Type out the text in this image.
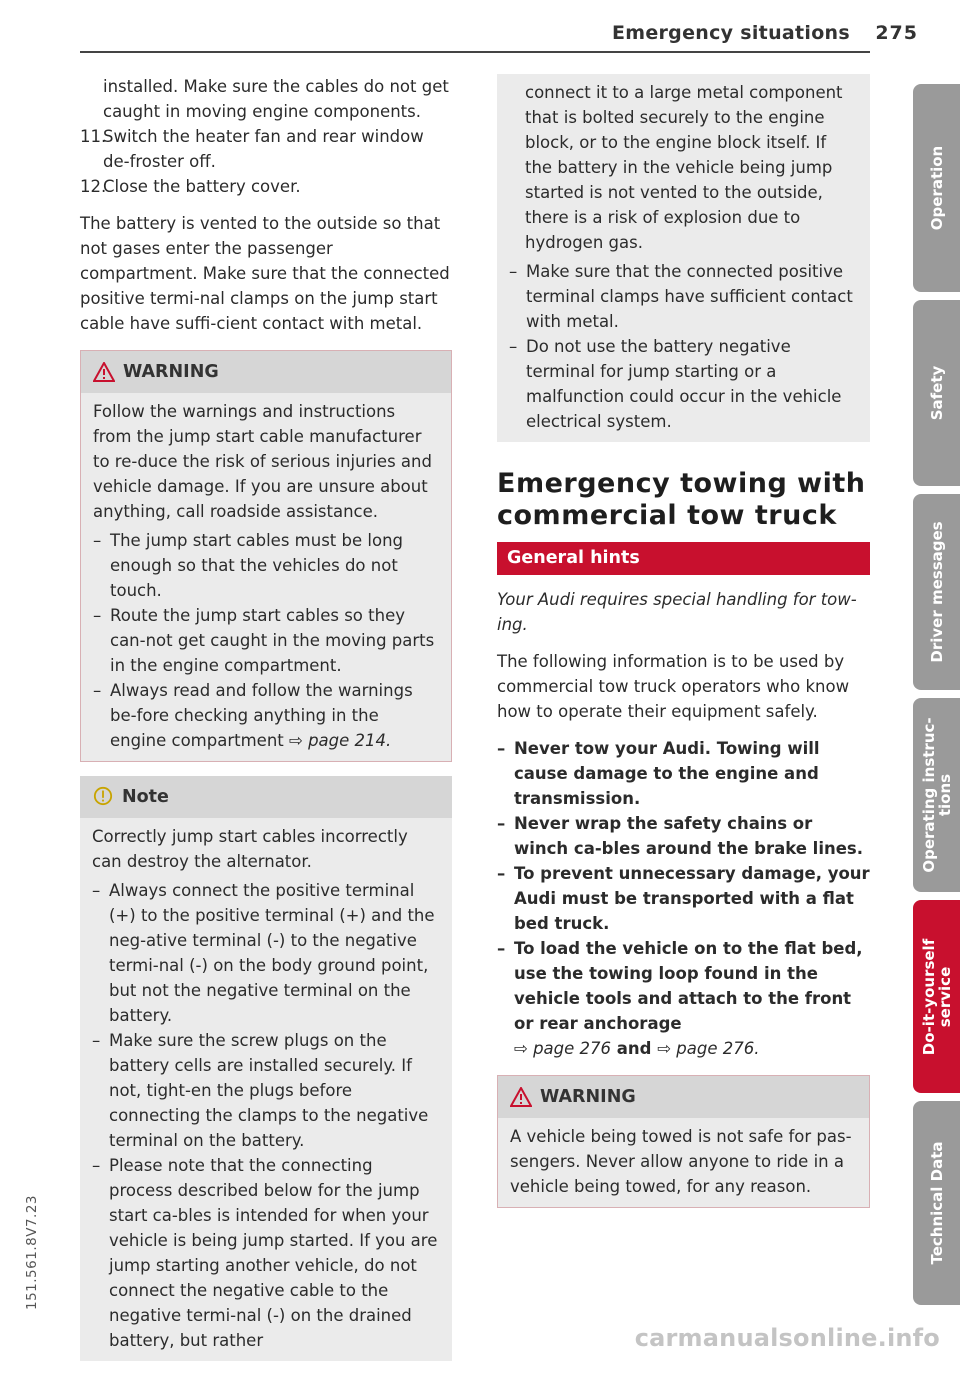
Emergency situations 275

installed. Make sure the cables do not get caught in moving engine components.

11.
Switch the heater fan and rear window de-froster off.
12.
Close the battery cover.

The battery is vented to the outside so that not gases enter the passenger compartment. Make sure that the connected positive termi-nal clamps on the jump start cable have suffi-cient contact with metal.

WARNING

Follow the warnings and instructions from the jump start cable manufacturer to re-duce the risk of serious injuries and vehicle damage. If you are unsure about anything, call roadside assistance.

– The jump start cables must be long enough so that the vehicles do not touch.
– Route the jump start cables so they can-not get caught in the moving parts in the engine compartment.
– Always read and follow the warnings be-fore checking anything in the engine compartment ⇨ page 214.
Note

Correctly jump start cables incorrectly can destroy the alternator.

– Always connect the positive terminal (+) to the positive terminal (+) and the neg-ative terminal (-) to the negative termi-nal (-) on the body ground point, but not the negative terminal on the battery.
– Make sure the screw plugs on the battery cells are installed securely. If not, tight-en the plugs before connecting the clamps to the negative terminal on the battery.
– Please note that the connecting process described below for the jump start ca-bles is intended for when your vehicle is being jump started. If you are jump starting another vehicle, do not connect the negative cable to the negative termi-nal (-) on the drained battery, but rather

connect it to a large metal component that is bolted securely to the engine block, or to the engine block itself. If the battery in the vehicle being jump started is not vented to the outside, there is a risk of explosion due to hydrogen gas.

– Make sure that the connected positive terminal clamps have sufficient contact with metal.
– Do not use the battery negative terminal for jump starting or a malfunction could occur in the vehicle electrical system.
Emergency towing with commercial tow truck
General hints

Your Audi requires special handling for tow-ing.

The following information is to be used by commercial tow truck operators who know how to operate their equipment safely.

– Never tow your Audi. Towing will cause damage to the engine and transmission.
– Never wrap the safety chains or winch ca-bles around the brake lines.
– To prevent unnecessary damage, your Audi must be transported with a flat bed truck.
– To load the vehicle on to the flat bed, use the towing loop found in the vehicle tools and attach to the front or rear anchorage
⇨ page 276 and ⇨ page 276.
WARNING

A vehicle being towed is not safe for pas-sengers. Never allow anyone to ride in a vehicle being towed, for any reason.

Operation
Safety
Driver messages
Operating instruc-
tions
Do-it-yourself
service
Technical Data
151.561.8V7.23
carmanualsonline.info
